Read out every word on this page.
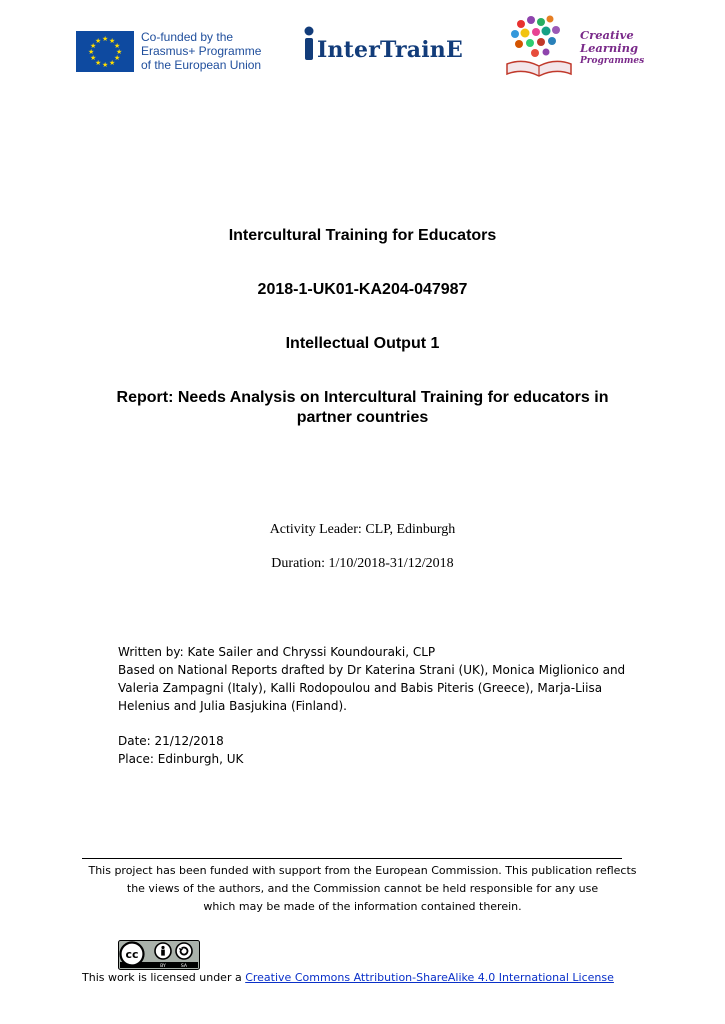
★ ★
★
★
★
★
★
★
★
★
★
★	Co-funded by the
Erasmus+ Programme
of the European Union
InterTrainE
Creative
Learning
Programmes
Intercultural Training for Educators
2018-1-UK01-KA204-047987
Intellectual Output 1
Report: Needs Analysis on Intercultural Training for educators in
partner countries
Activity Leader: CLP, Edinburgh
Duration: 1/10/2018-31/12/2018

Written by: Kate Sailer and Chryssi Koundouraki, CLP

Based on National Reports drafted by Dr Katerina Strani (UK), Monica Miglionico and

Valeria Zampagni (Italy), Kalli Rodopoulou and Babis Piteris (Greece), Marja-Liisa

Helenius and Julia Basjukina (Finland).

Date: 21/12/2018

Place: Edinburgh, UK

This project has been funded with support from the European Commission. This publication reflects
the views of the authors, and the Commission cannot be held responsible for any use
which may be made of the information contained therein.
cc
BY	SA
This work is licensed under a Creative Commons Attribution-ShareAlike 4.0 International License
